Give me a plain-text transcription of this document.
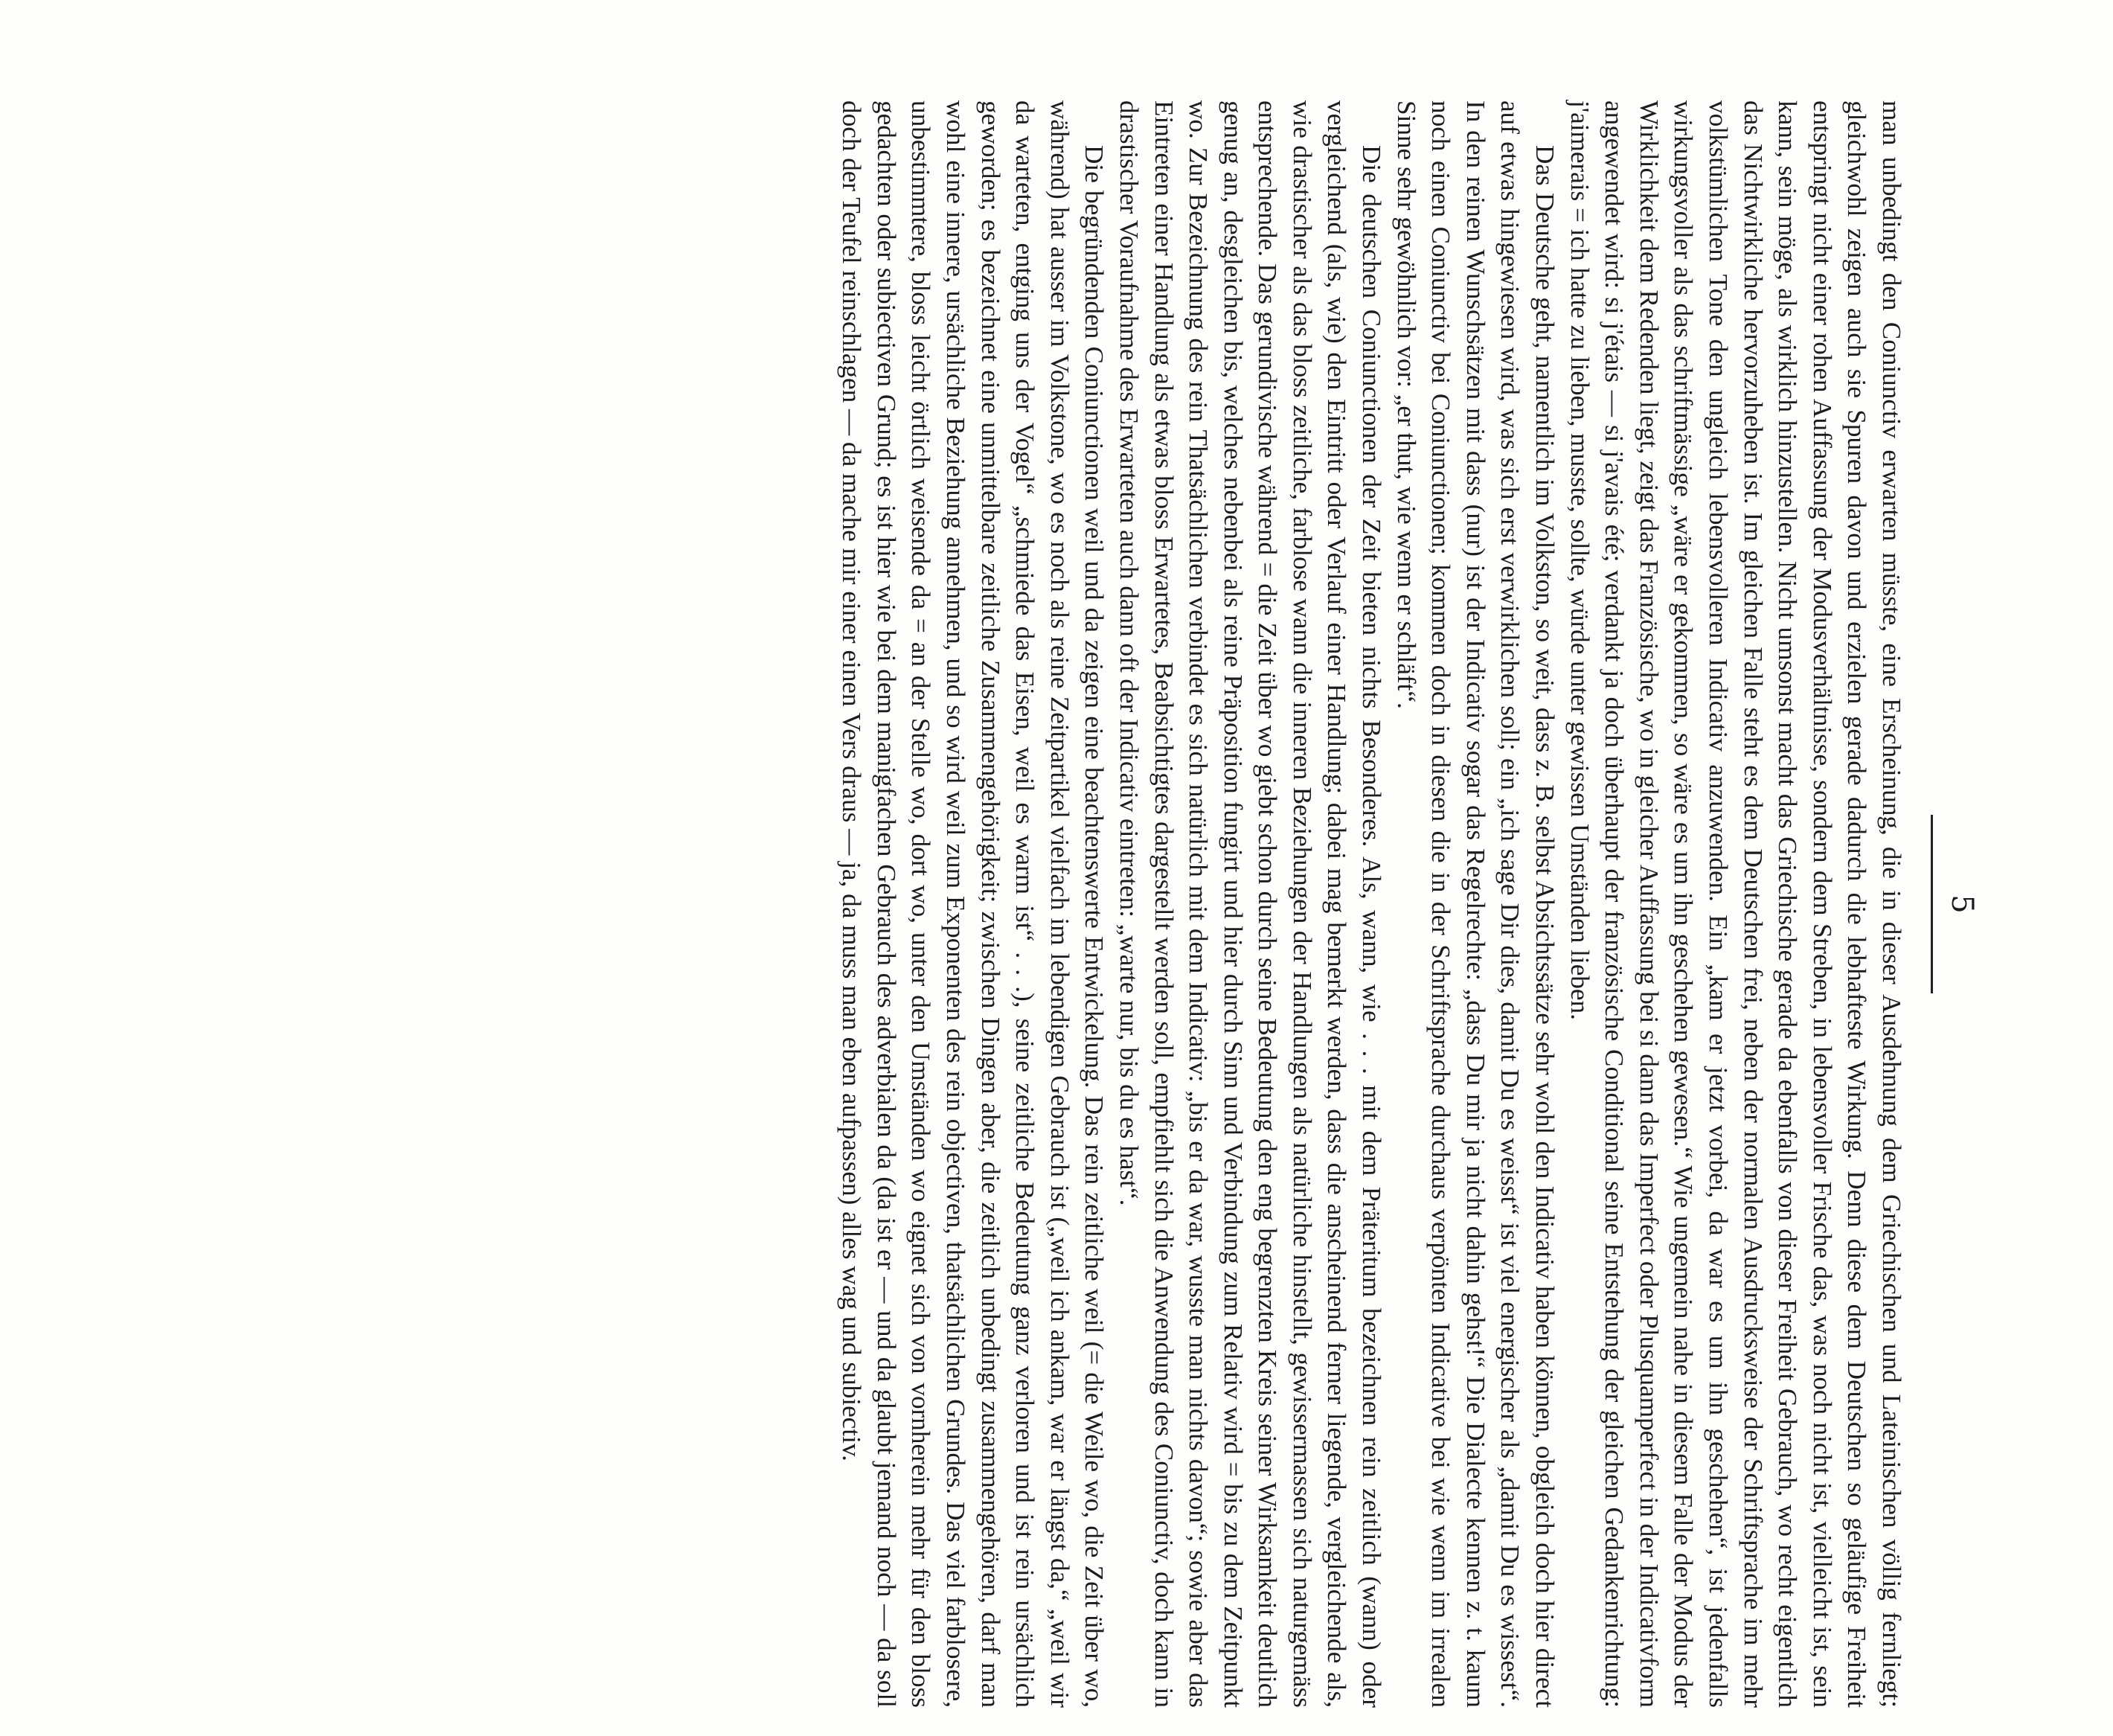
5

man unbedingt den Coniunctiv erwarten müsste, eine Erscheinung, die in dieser Ausdehnung dem Griechischen und Lateinischen völlig fernliegt; gleichwohl zeigen auch sie Spuren davon und erzielen gerade dadurch die lebhafteste Wirkung. Denn diese dem Deutschen so geläufige Freiheit entspringt nicht einer rohen Auffassung der Modusverhältnisse, sondern dem Streben, in lebensvoller Frische das, was noch nicht ist, vielleicht ist, sein kann, sein möge, als wirklich hinzustellen. Nicht umsonst macht das Griechische gerade da ebenfalls von dieser Freiheit Gebrauch, wo recht eigentlich das Nichtwirkliche hervorzuheben ist. Im gleichen Falle steht es dem Deutschen frei, neben der normalen Ausdrucksweise der Schriftsprache im mehr volkstümlichen Tone den ungleich lebensvolleren Indicativ anzuwenden. Ein „kam er jetzt vorbei, da war es um ihn geschehen“, ist jedenfalls wirkungsvoller als das schriftmässige „wäre er gekommen, so wäre es um ihn geschehen gewesen.“ Wie ungemein nahe in diesem Falle der Modus der Wirklichkeit dem Redenden liegt, zeigt das Französische, wo in gleicher Auffassung bei si dann das Imperfect oder Plusquamperfect in der Indicativform angewendet wird: si j'étais — si j'avais été; verdankt ja doch überhaupt der französische Conditional seine Entstehung der gleichen Gedankenrichtung: j'aimerais = ich hatte zu lieben, musste, sollte, würde unter gewissen Umständen lieben.

Das Deutsche geht, namentlich im Volkston, so weit, dass z. B. selbst Absichtssätze sehr wohl den Indicativ haben können, obgleich doch hier direct auf etwas hingewiesen wird, was sich erst verwirklichen soll; ein „ich sage Dir dies, damit Du es weisst“ ist viel energischer als „damit Du es wissest“. In den reinen Wunschsätzen mit dass (nur) ist der Indicativ sogar das Regelrechte: „dass Du mir ja nicht dahin gehst!“ Die Dialecte kennen z. t. kaum noch einen Coniunctiv bei Coniunctionen; kommen doch in diesen die in der Schriftsprache durchaus verpönten Indicative bei wie wenn im irrealen Sinne sehr gewöhnlich vor: „er thut, wie wenn er schläft“.

Die deutschen Coniunctionen der Zeit bieten nichts Besonderes. Als, wann, wie . . . mit dem Präteritum bezeichnen rein zeitlich (wann) oder vergleichend (als, wie) den Eintritt oder Verlauf einer Handlung; dabei mag bemerkt werden, dass die anscheinend ferner liegende, vergleichende als, wie drastischer als das bloss zeitliche, farblose wann die inneren Beziehungen der Handlungen als natürliche hinstellt, gewissermassen sich naturgemäss entsprechende. Das gerundivische während = die Zeit über wo giebt schon durch seine Bedeutung den eng begrenzten Kreis seiner Wirksamkeit deutlich genug an, desgleichen bis, welches nebenbei als reine Präposition fungirt und hier durch Sinn und Verbindung zum Relativ wird = bis zu dem Zeitpunkt wo. Zur Bezeichnung des rein Thatsächlichen verbindet es sich natürlich mit dem Indicativ: „bis er da war, wusste man nichts davon“; sowie aber das Eintreten einer Handlung als etwas bloss Erwartetes, Beabsichtigtes dargestellt werden soll, empfiehlt sich die Anwendung des Coniunctiv, doch kann in drastischer Voraufnahme des Erwarteten auch dann oft der Indicativ eintreten: „warte nur, bis du es hast“.

Die begründenden Coniunctionen weil und da zeigen eine beachtenswerte Entwickelung. Das rein zeitliche weil (= die Weile wo, die Zeit über wo, während) hat ausser im Volkstone, wo es noch als reine Zeitpartikel vielfach im lebendigen Gebrauch ist („weil ich ankam, war er längst da,“ „weil wir da warteten, entging uns der Vogel“ „schmiede das Eisen, weil es warm ist“ . . .), seine zeitliche Bedeutung ganz verloren und ist rein ursächlich geworden; es bezeichnet eine unmittelbare zeitliche Zusammengehörigkeit; zwischen Dingen aber, die zeitlich unbedingt zusammengehören, darf man wohl eine innere, ursächliche Beziehung annehmen, und so wird weil zum Exponenten des rein objectiven, thatsächlichen Grundes. Das viel farblosere, unbestimmtere, bloss leicht örtlich weisende da = an der Stelle wo, dort wo, unter den Umständen wo eignet sich von vornherein mehr für den bloss gedachten oder subiectiven Grund; es ist hier wie bei dem manigfachen Gebrauch des adverbialen da (da ist er — und da glaubt jemand noch — da soll doch der Teufel reinschlagen — da mache mir einer einen Vers draus — ja, da muss man eben aufpassen) alles wag und subiectiv.
